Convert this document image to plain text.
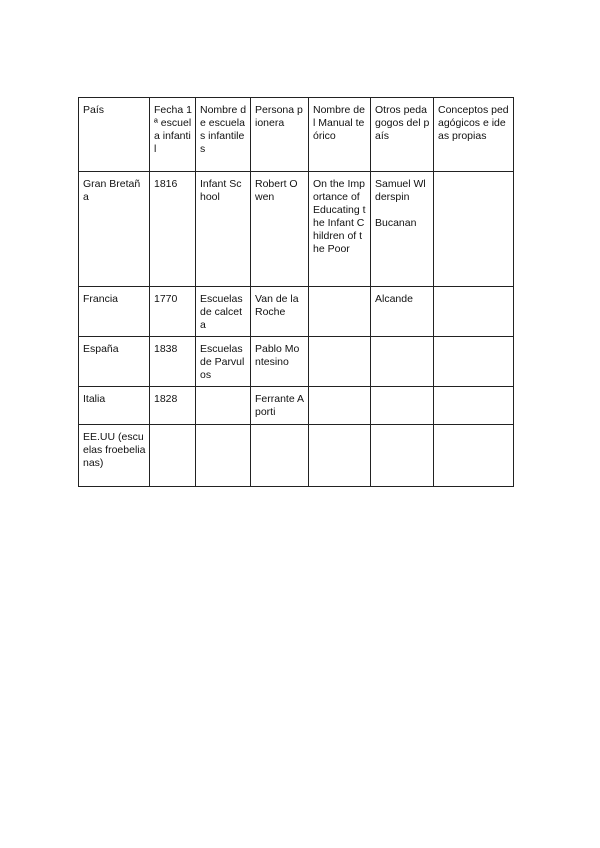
País	Fecha 1ª escuela infantil	Nombre de escuelas infantiles	Persona pionera	Nombre del Manual teórico	Otros pedagogos del país	Conceptos pedagógicos e ideas propias

Gran Bretaña	1816	Infant School	Robert Owen	On the Importance of Educating the Infant Children of the Poor	Samuel Wlderspin
Bucanan	

Francia	1770	Escuelas de calceta	Van de la Roche		Alcande	

España	1838	Escuelas de Parvulos	Pablo Montesino			

Italia	1828		Ferrante Aporti			

EE.UU (escuelas froebelianas)						
